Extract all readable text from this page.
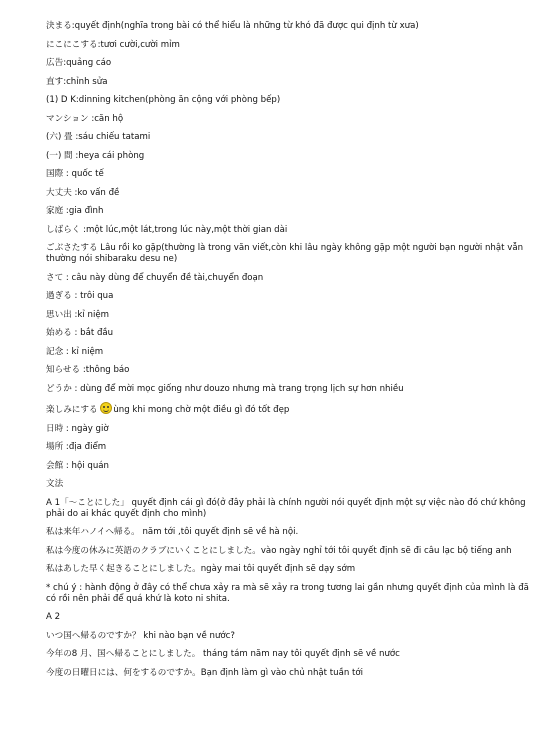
決まる:quyết định(nghĩa trong bài có thể hiểu là những từ khó đã được qui định từ xưa)
にこにこする:tươi cười,cười mỉm
広告:quảng cáo
直す:chỉnh sửa
(1) D K:dinning kitchen(phòng ăn cộng với phòng bếp)
マンション :căn hộ
(六) 畳 :sáu chiếu tatami
(一) 間 :heya cái phòng
国際 : quốc tế
大丈夫 :ko vấn đề
家庭 :gia đình
しばらく :một lúc,một lát,trong lúc này,một thời gian dài
ごぶさたする Lâu rồi ko gặp(thường là trong văn viết,còn khi lâu ngày không gặp một người bạn người nhật vẫn thường nói shibaraku desu ne)
さて : câu này dùng để chuyển đề tài,chuyển đoạn
過ぎる : trôi qua
思い出 :kỉ niệm
始める : bắt đầu
記念 : kỉ niệm
知らせる :thông báo
どうか : dùng để mời mọc giống như douzo nhưng mà trang trọng lịch sự hơn nhiều
楽しみにする ùng khi mong chờ một điều gì đó tốt đẹp
日時 : ngày giờ
場所 :địa điểm
会館 : hội quán
文法
A 1「～ことにした」 quyết định cái gì đó(ở đây phải là chính người nói quyết định một sự việc nào đó chứ không phải do ai khác quyết định cho mình)
私は来年ハノイへ帰る。 năm tới ,tôi quyết định sẽ về hà nội.
私は今度の休みに英語のクラブにいくことにしました。vào ngày nghỉ tới tôi quyết định sẽ đi câu lạc bộ tiếng anh
私はあした早く起きることにしました。ngày mai tôi quyết định sẽ dạy sớm
* chú ý : hành động ở đây có thể chưa xảy ra mà sẽ xảy ra trong tương lai gần nhưng quyết định của mình là đã có rồi nên phải để quá khứ là koto ni shita.
A 2
いつ国へ帰るのですか？ khi nào bạn về nước?
今年の8 月、国へ帰ることにしました。 tháng tám năm nay tôi quyết định sẽ về nước
今度の日曜日には、何をするのですか。Bạn định làm gì vào chủ nhật tuần tới
